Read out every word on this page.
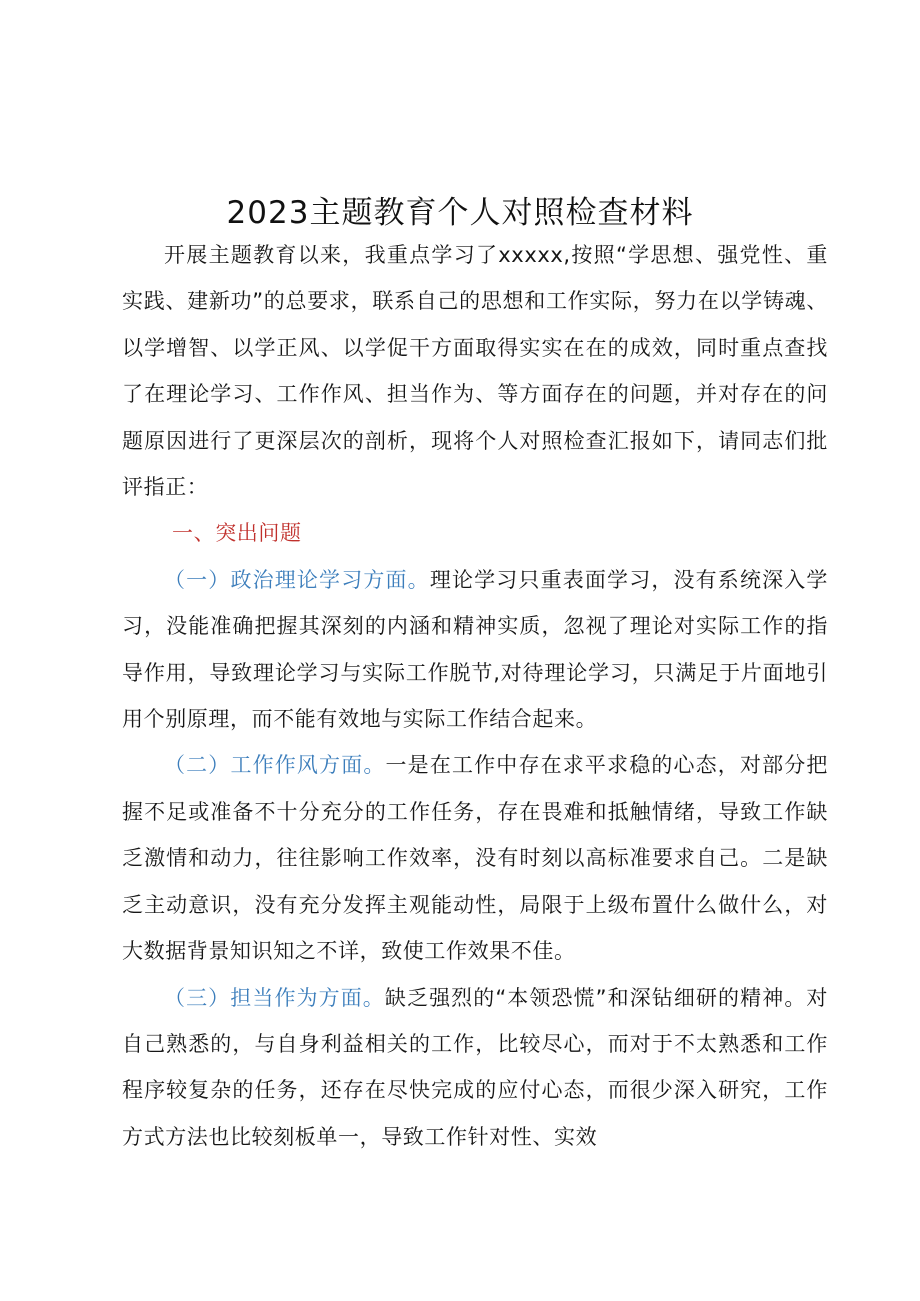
2023主题教育个人对照检查材料

开展主题教育以来，我重点学习了xxxxx,按照“学思想、强党性、重实践、建新功”的总要求，联系自己的思想和工作实际，努力在以学铸魂、以学增智、以学正风、以学促干方面取得实实在在的成效，同时重点查找了在理论学习、工作作风、担当作为、等方面存在的问题，并对存在的问题原因进行了更深层次的剖析，现将个人对照检查汇报如下，请同志们批评指正：

一、突出问题

（一）政治理论学习方面。理论学习只重表面学习，没有系统深入学习，没能准确把握其深刻的内涵和精神实质，忽视了理论对实际工作的指导作用，导致理论学习与实际工作脱节,对待理论学习，只满足于片面地引用个别原理，而不能有效地与实际工作结合起来。

（二）工作作风方面。一是在工作中存在求平求稳的心态，对部分把握不足或准备不十分充分的工作任务，存在畏难和抵触情绪，导致工作缺乏激情和动力，往往影响工作效率，没有时刻以高标准要求自己。二是缺乏主动意识，没有充分发挥主观能动性，局限于上级布置什么做什么，对大数据背景知识知之不详，致使工作效果不佳。

（三）担当作为方面。缺乏强烈的“本领恐慌”和深钻细研的精神。对自己熟悉的，与自身利益相关的工作，比较尽心，而对于不太熟悉和工作程序较复杂的任务，还存在尽快完成的应付心态，而很少深入研究，工作方式方法也比较刻板单一，导致工作针对性、实效
